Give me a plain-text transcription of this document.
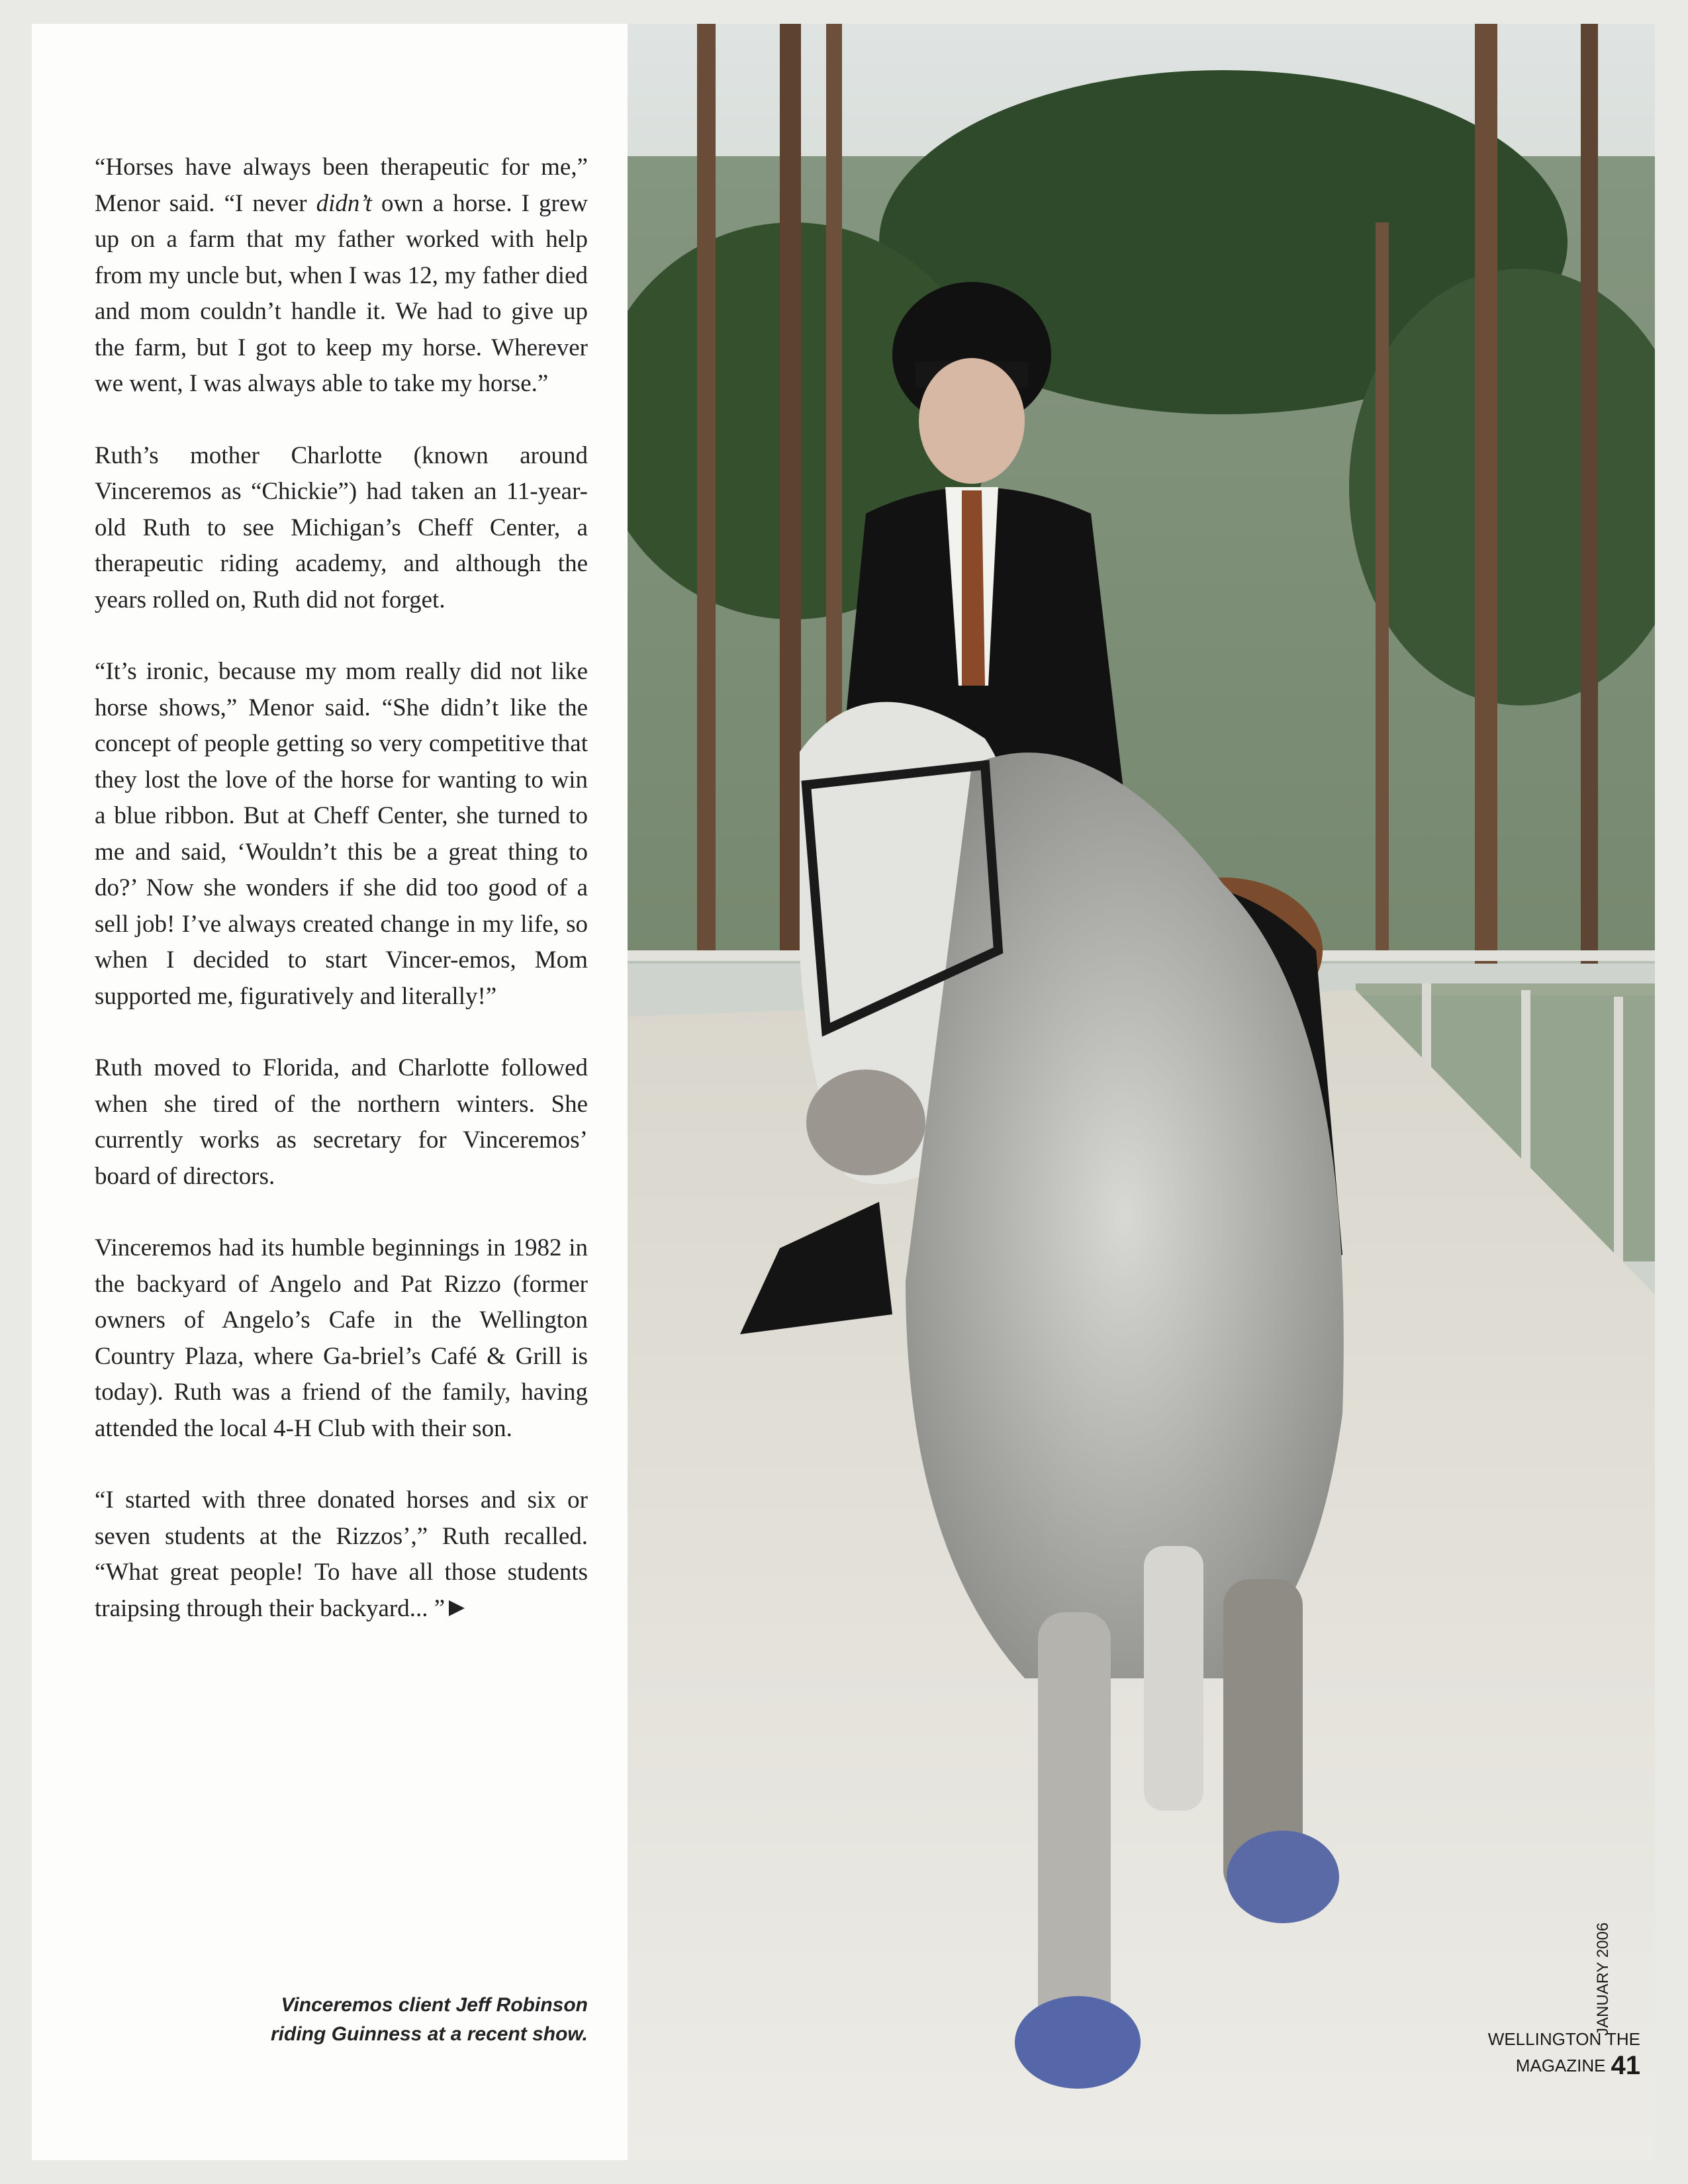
“Horses have always been therapeutic for me,” Menor said. “I never didn’t own a horse. I grew up on a farm that my father worked with help from my uncle but, when I was 12, my father died and mom couldn’t handle it. We had to give up the farm, but I got to keep my horse. Wherever we went, I was always able to take my horse.”

Ruth’s mother Charlotte (known around Vinceremos as “Chickie”) had taken an 11-year-old Ruth to see Michigan’s Cheff Center, a therapeutic riding academy, and although the years rolled on, Ruth did not forget.

“It’s ironic, because my mom really did not like horse shows,” Menor said. “She didn’t like the concept of people getting so very competitive that they lost the love of the horse for wanting to win a blue ribbon. But at Cheff Center, she turned to me and said, ‘Wouldn’t this be a great thing to do?’ Now she wonders if she did too good of a sell job! I’ve always created change in my life, so when I decided to start Vincer-emos, Mom supported me, figuratively and literally!”

Ruth moved to Florida, and Charlotte followed when she tired of the northern winters. She currently works as secretary for Vinceremos’ board of directors.

Vinceremos had its humble beginnings in 1982 in the backyard of Angelo and Pat Rizzo (former owners of Angelo’s Cafe in the Wellington Country Plaza, where Ga-briel’s Café & Grill is today). Ruth was a friend of the family, having attended the local 4-H Club with their son.

“I started with three donated horses and six or seven students at the Rizzos’,” Ruth recalled. “What great people! To have all those students traipsing through their backyard... ”

Vinceremos client Jeff Robinson
riding Guinness at a recent show.	JANUARY 2006
WELLINGTON THE MAGAZINE 41
